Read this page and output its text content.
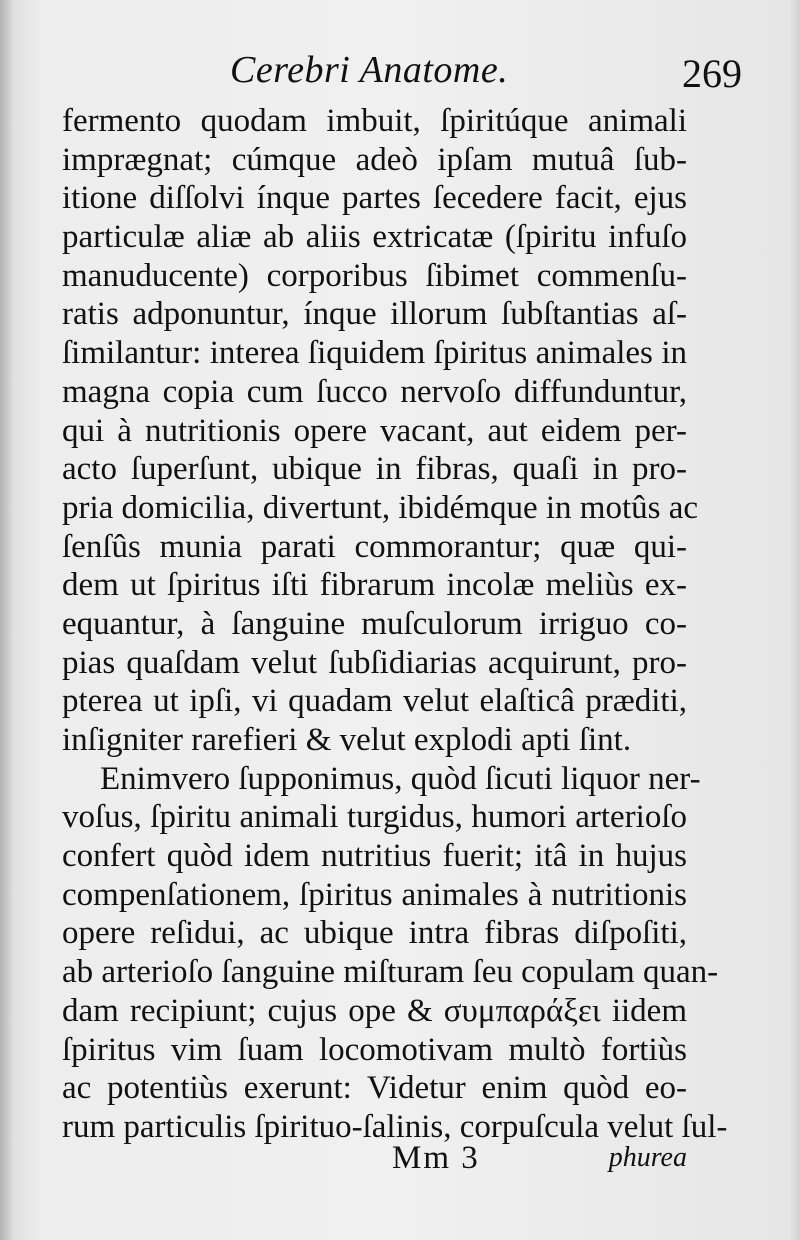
Cerebri Anatome.	269
fermento quodam imbuit, ſpiritúque animali
imprægnat; cúmque adeò ipſam mutuâ ſub-
itione diſſolvi ínque partes ſecedere facit, ejus
particulæ aliæ ab aliis extricatæ (ſpiritu infuſo
manuducente) corporibus ſibimet commenſu-
ratis adponuntur, ínque illorum ſubſtantias aſ-
ſimilantur: interea ſiquidem ſpiritus animales in
magna copia cum ſucco nervoſo diffunduntur,
qui à nutritionis opere vacant, aut eidem per-
acto ſuperſunt, ubique in fibras, quaſi in pro-
pria domicilia, divertunt, ibidémque in motûs ac
ſenſûs munia parati commorantur; quæ qui-
dem ut ſpiritus iſti fibrarum incolæ meliùs ex-
equantur, à ſanguine muſculorum irriguo co-
pias quaſdam velut ſubſidiarias acquirunt, pro-
pterea ut ipſi, vi quadam velut elaſticâ præditi,
inſigniter rarefieri & velut explodi apti ſint.
Enimvero ſupponimus, quòd ſicuti liquor ner-
voſus, ſpiritu animali turgidus, humori arterioſo
confert quòd idem nutritius fuerit; itâ in hujus
compenſationem, ſpiritus animales à nutritionis
opere reſidui, ac ubique intra fibras diſpoſiti,
ab arterioſo ſanguine miſturam ſeu copulam quan-
dam recipiunt; cujus ope & συμπαράξει iidem
ſpiritus vim ſuam locomotivam multò fortiùs
ac potentiùs exerunt: Videtur enim quòd eo-
rum particulis ſpirituo-ſalinis, corpuſcula velut ſul-
Mm 3	phurea
